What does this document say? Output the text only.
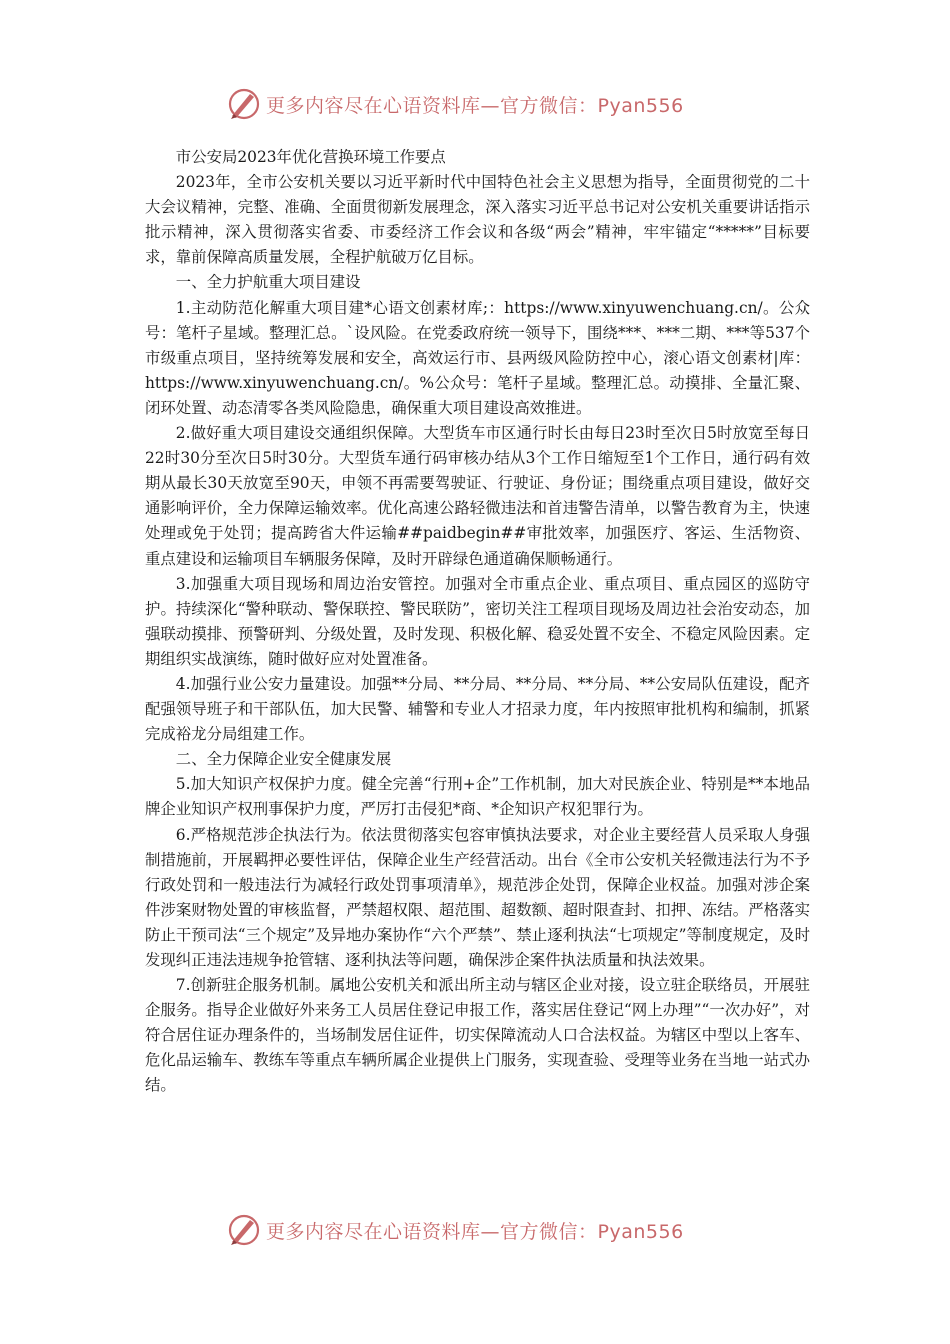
更多内容尽在心语资料库—官方微信：Pyan556

市公安局2023年优化营换环境工作要点

2023年，全市公安机关要以习近平新时代中国特色社会主义思想为指导，全面贯彻党的二十大会议精神，完整、准确、全面贯彻新发展理念，深入落实习近平总书记对公安机关重要讲话指示批示精神，深入贯彻落实省委、市委经济工作会议和各级“两会”精神，牢牢锚定“*****”目标要求，靠前保障高质量发展，全程护航破万亿目标。

一、全力护航重大项目建设

1.主动防范化解重大项目建*心语文创素材库;：https://www.xinyuwenchuang.cn/。公众号：笔杆子星域。整理汇总。`设风险。在党委政府统一领导下，围绕***、***二期、***等537个市级重点项目，坚持统筹发展和安全，高效运行市、县两级风险防控中心，滚心语文创素材|库：https://www.xinyuwenchuang.cn/。%公众号：笔杆子星域。整理汇总。动摸排、全量汇聚、闭环处置、动态清零各类风险隐患，确保重大项目建设高效推进。

2.做好重大项目建设交通组织保障。大型货车市区通行时长由每日23时至次日5时放宽至每日22时30分至次日5时30分。大型货车通行码审核办结从3个工作日缩短至1个工作日，通行码有效期从最长30天放宽至90天，申领不再需要驾驶证、行驶证、身份证；围绕重点项目建设，做好交通影响评价，全力保障运输效率。优化高速公路轻微违法和首违警告清单，以警告教育为主，快速处理或免于处罚；提高跨省大件运输##paidbegin##审批效率，加强医疗、客运、生活物资、重点建设和运输项目车辆服务保障，及时开辟绿色通道确保顺畅通行。

3.加强重大项目现场和周边治安管控。加强对全市重点企业、重点项目、重点园区的巡防守护。持续深化“警种联动、警保联控、警民联防”，密切关注工程项目现场及周边社会治安动态，加强联动摸排、预警研判、分级处置，及时发现、积极化解、稳妥处置不安全、不稳定风险因素。定期组织实战演练，随时做好应对处置准备。

4.加强行业公安力量建设。加强**分局、**分局、**分局、**分局、**公安局队伍建设，配齐配强领导班子和干部队伍，加大民警、辅警和专业人才招录力度，年内按照审批机构和编制，抓紧完成裕龙分局组建工作。

二、全力保障企业安全健康发展

5.加大知识产权保护力度。健全完善“行刑+企”工作机制，加大对民族企业、特别是**本地品牌企业知识产权刑事保护力度，严厉打击侵犯*商、*企知识产权犯罪行为。

6.严格规范涉企执法行为。依法贯彻落实包容审慎执法要求，对企业主要经营人员采取人身强制措施前，开展羁押必要性评估，保障企业生产经营活动。出台《全市公安机关轻微违法行为不予行政处罚和一般违法行为减轻行政处罚事项清单》，规范涉企处罚，保障企业权益。加强对涉企案件涉案财物处置的审核监督，严禁超权限、超范围、超数额、超时限查封、扣押、冻结。严格落实防止干预司法“三个规定”及异地办案协作“六个严禁”、禁止逐利执法“七项规定”等制度规定，及时发现纠正违法违规争抢管辖、逐利执法等问题，确保涉企案件执法质量和执法效果。

7.创新驻企服务机制。属地公安机关和派出所主动与辖区企业对接，设立驻企联络员，开展驻企服务。指导企业做好外来务工人员居住登记申报工作，落实居住登记“网上办理”“一次办好”，对符合居住证办理条件的，当场制发居住证件，切实保障流动人口合法权益。为辖区中型以上客车、危化品运输车、教练车等重点车辆所属企业提供上门服务，实现查验、受理等业务在当地一站式办结。

更多内容尽在心语资料库—官方微信：Pyan556
